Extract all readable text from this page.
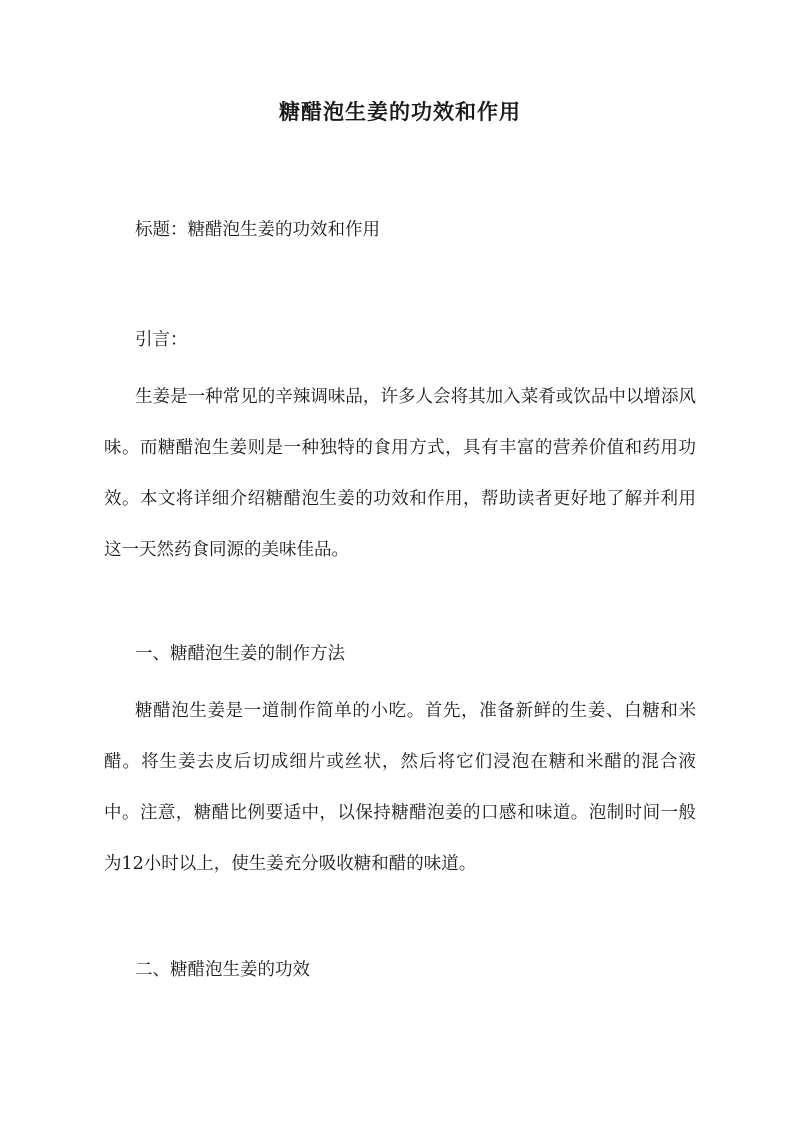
糖醋泡生姜的功效和作用

标题：糖醋泡生姜的功效和作用

引言：

生姜是一种常见的辛辣调味品，许多人会将其加入菜肴或饮品中以增添风味。而糖醋泡生姜则是一种独特的食用方式，具有丰富的营养价值和药用功效。本文将详细介绍糖醋泡生姜的功效和作用，帮助读者更好地了解并利用这一天然药食同源的美味佳品。

一、糖醋泡生姜的制作方法

糖醋泡生姜是一道制作简单的小吃。首先，准备新鲜的生姜、白糖和米醋。将生姜去皮后切成细片或丝状，然后将它们浸泡在糖和米醋的混合液中。注意，糖醋比例要适中，以保持糖醋泡姜的口感和味道。泡制时间一般为12小时以上，使生姜充分吸收糖和醋的味道。

二、糖醋泡生姜的功效
